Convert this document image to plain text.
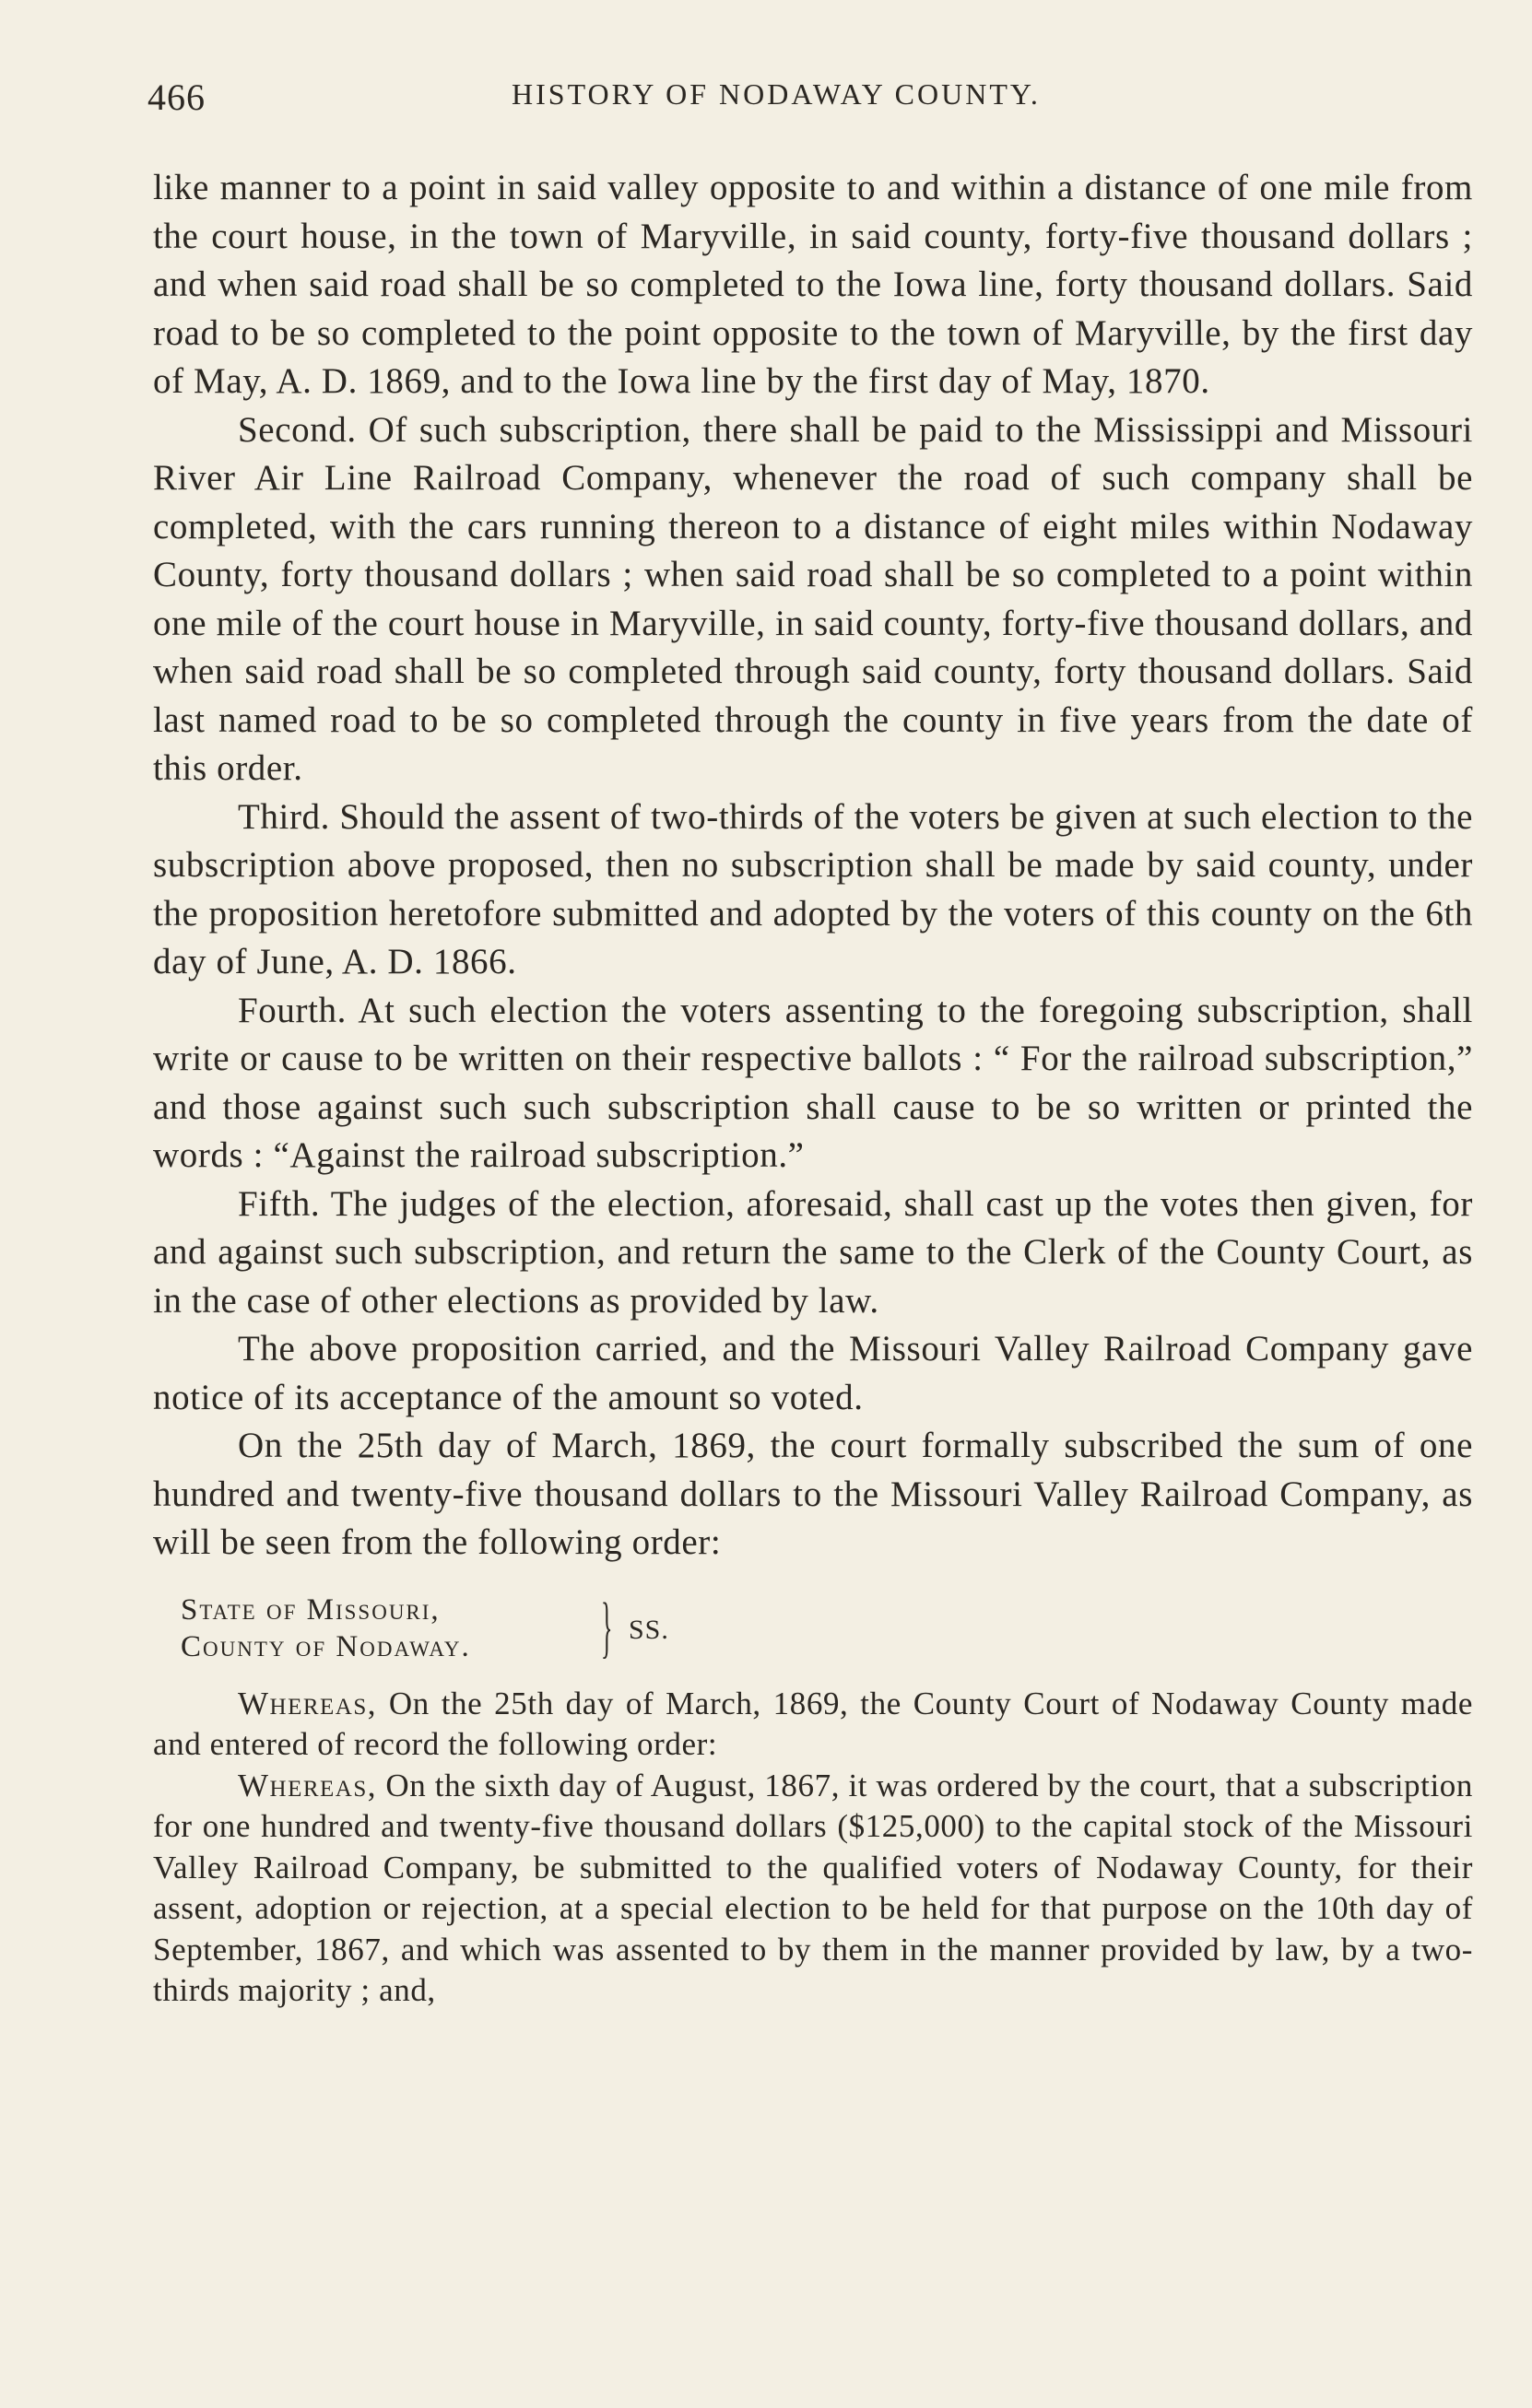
466	HISTORY OF NODAWAY COUNTY.

like manner to a point in said valley opposite to and within a distance of one mile from the court house, in the town of Maryville, in said county, forty-five thousand dollars ; and when said road shall be so completed to the Iowa line, forty thousand dollars. Said road to be so completed to the point opposite to the town of Maryville, by the first day of May, A. D. 1869, and to the Iowa line by the first day of May, 1870.

Second. Of such subscription, there shall be paid to the Mississippi and Missouri River Air Line Railroad Company, whenever the road of such company shall be completed, with the cars running thereon to a distance of eight miles within Nodaway County, forty thousand dollars ; when said road shall be so completed to a point within one mile of the court house in Maryville, in said county, forty-five thousand dollars, and when said road shall be so completed through said county, forty thousand dollars. Said last named road to be so completed through the county in five years from the date of this order.

Third. Should the assent of two-thirds of the voters be given at such election to the subscription above proposed, then no subscription shall be made by said county, under the proposition heretofore submitted and adopted by the voters of this county on the 6th day of June, A. D. 1866.

Fourth. At such election the voters assenting to the foregoing subscription, shall write or cause to be written on their respective ballots : “ For the railroad subscription,” and those against such such subscription shall cause to be so written or printed the words : “Against the railroad subscription.”

Fifth. The judges of the election, aforesaid, shall cast up the votes then given, for and against such subscription, and return the same to the Clerk of the County Court, as in the case of other elections as provided by law.

The above proposition carried, and the Missouri Valley Railroad Company gave notice of its acceptance of the amount so voted.

On the 25th day of March, 1869, the court formally subscribed the sum of one hundred and twenty-five thousand dollars to the Missouri Valley Railroad Company, as will be seen from the following order:

State of Missouri,
County of Nodaway. } SS.

Whereas, On the 25th day of March, 1869, the County Court of Nodaway County made and entered of record the following order:

Whereas, On the sixth day of August, 1867, it was ordered by the court, that a subscription for one hundred and twenty-five thousand dollars ($125,000) to the capital stock of the Missouri Valley Railroad Company, be submitted to the qualified voters of Nodaway County, for their assent, adoption or rejection, at a special election to be held for that purpose on the 10th day of September, 1867, and which was assented to by them in the manner provided by law, by a two-thirds majority ; and,
